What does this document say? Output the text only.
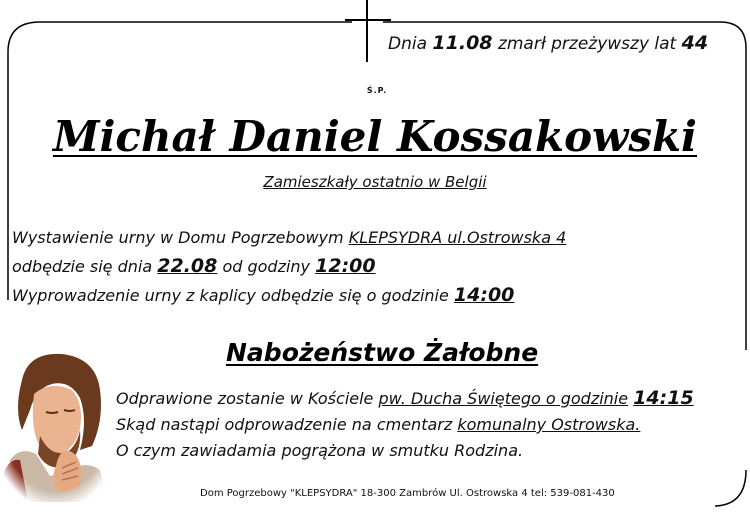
Dnia 11.08 zmarł przeżywszy lat 44
Ś.P.
Michał Daniel Kossakowski
Zamieszkały ostatnio w Belgii
Wystawienie urny w Domu Pogrzebowym KLEPSYDRA ul.Ostrowska 4
odbędzie się dnia 22.08 od godziny 12:00
Wyprowadzenie urny z kaplicy odbędzie się o godzinie 14:00
Nabożeństwo Żałobne
Odprawione zostanie w Kościele pw. Ducha Świętego o godzinie 14:15
Skąd nastąpi odprowadzenie na cmentarz komunalny Ostrowska.
O czym zawiadamia pogrążona w smutku Rodzina.
Dom Pogrzebowy "KLEPSYDRA" 18-300 Zambrów Ul. Ostrowska 4 tel: 539-081-430
